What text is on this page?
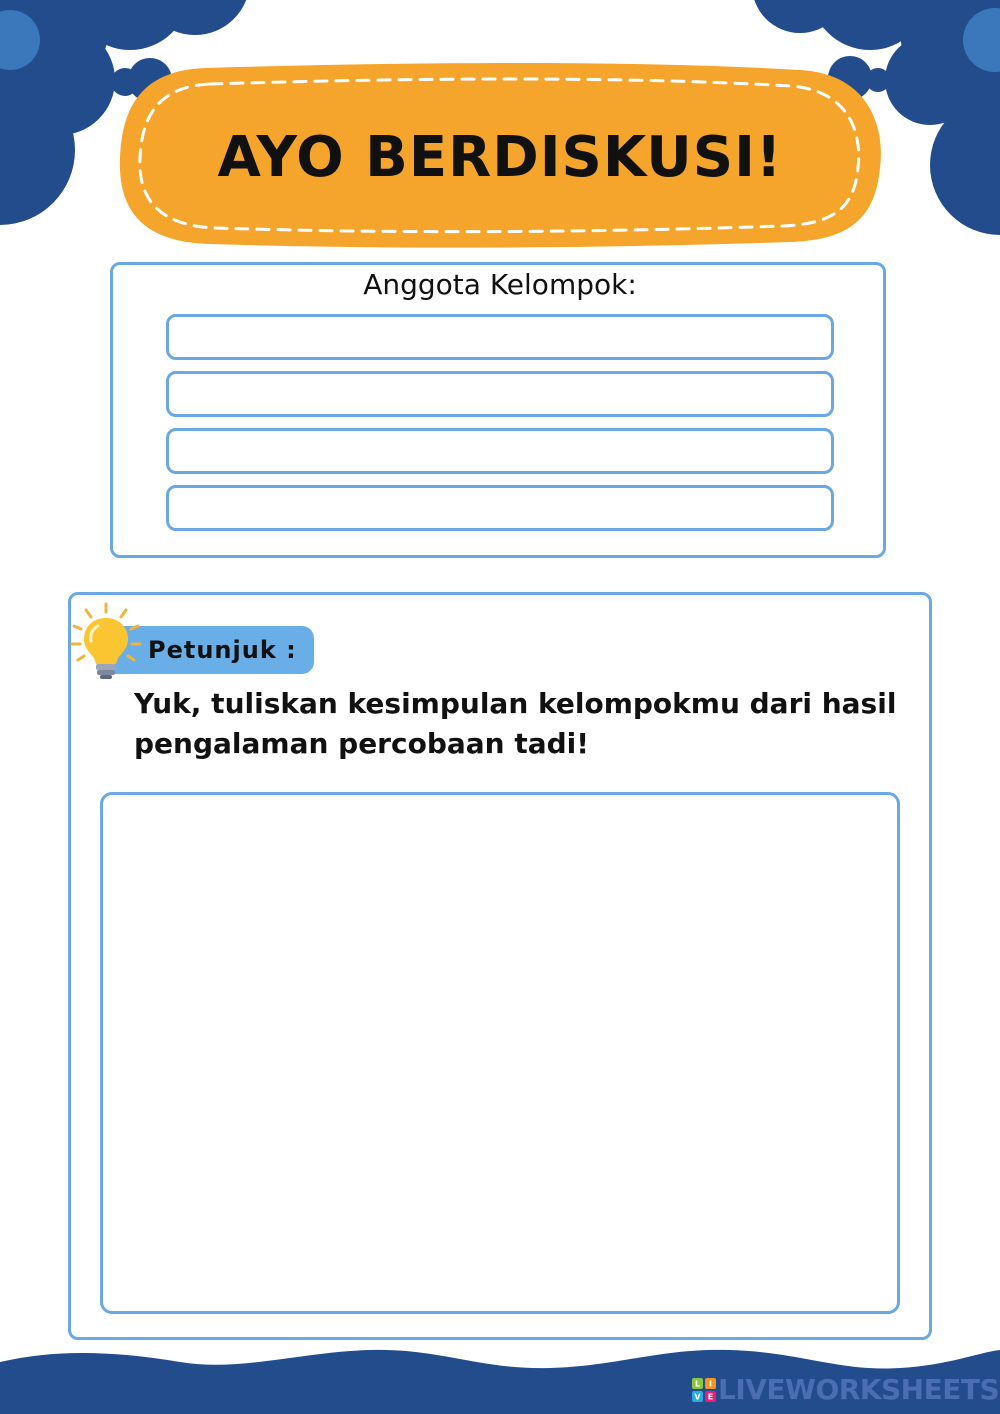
AYO BERDISKUSI!
Anggota Kelompok:
Petunjuk :
Yuk, tuliskan kesimpulan kelompokmu dari hasil pengalaman percobaan tadi!
L I
V E LIVEWORKSHEETS
